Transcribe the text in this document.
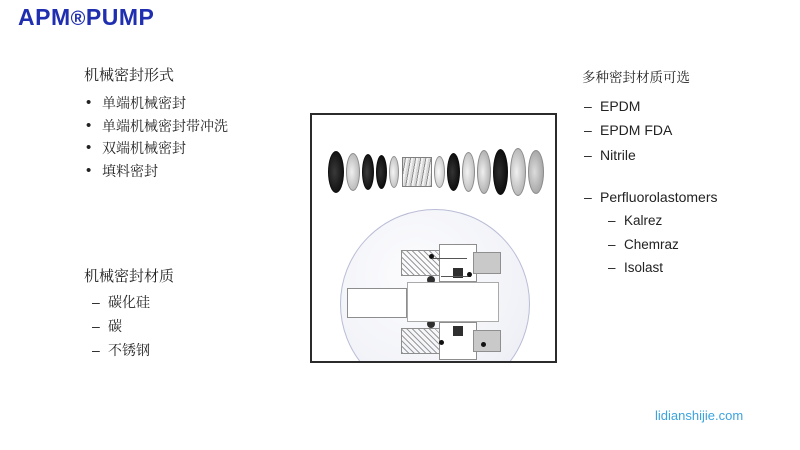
APM®PUMP

机械密封形式

• 单端机械密封
• 单端机械密封带冲洗
• 双端机械密封
• 填料密封

机械密封材质

– 碳化硅
– 碳
– 不锈钢

多种密封材质可选

– EPDM
– EPDM FDA
– Nitrile
– Perfluorolastomers
– Kalrez
– Chemraz
– Isolast
lidianshijie.com
